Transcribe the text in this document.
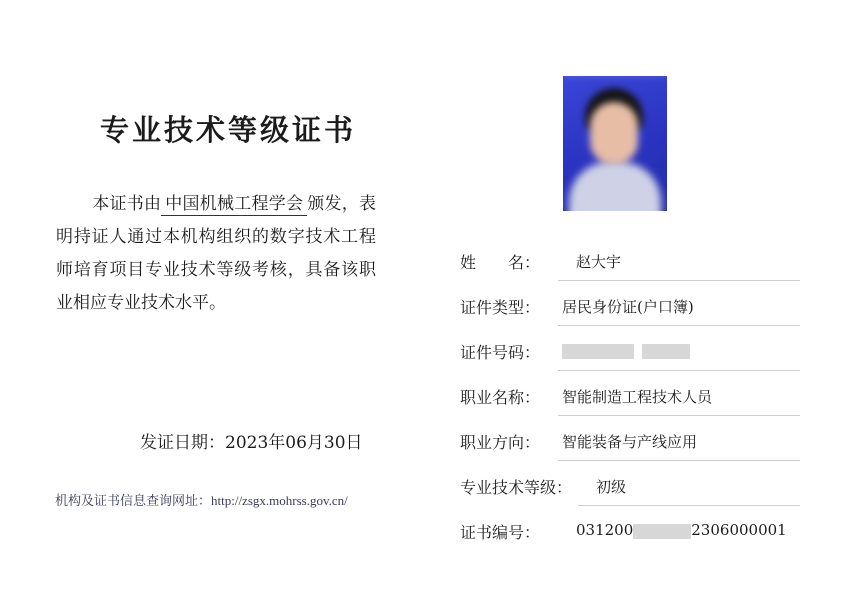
专业技术等级证书
本证书由 中国机械工程学会 颁发，表明持证人通过本机构组织的数字技术工程师培育项目专业技术等级考核，具备该职业相应专业技术水平。
发证日期：2023年06月30日
机构及证书信息查询网址：http://zsgx.mohrss.gov.cn/
姓　　名：	赵大宇
证件类型：	居民身份证(户口簿)
证件号码：
职业名称：	智能制造工程技术人员
职业方向：	智能装备与产线应用
专业技术等级： 初级
证书编号：	031200	2306000001
